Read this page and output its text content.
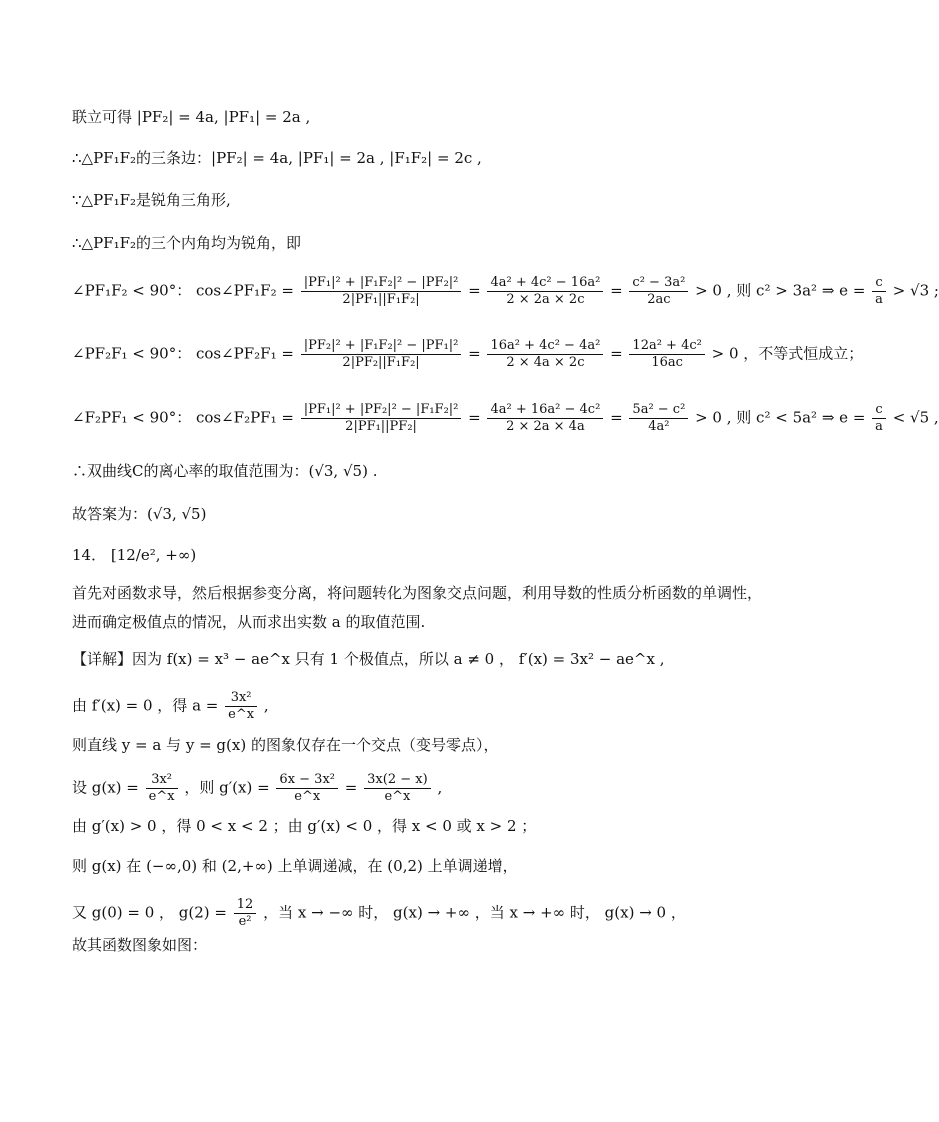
联立可得 |PF₂| = 4a, |PF₁| = 2a ,
∴△PF₁F₂的三条边：|PF₂| = 4a, |PF₁| = 2a , |F₁F₂| = 2c ,
∵△PF₁F₂是锐角三角形,
∴△PF₁F₂的三个内角均为锐角，即
∠PF₁F₂ < 90°： cos∠PF₁F₂ = $\frac{\text{|PF₁|² + |F₁F₂|² − |PF₂|²}}{\text{2|PF₁||F₁F₂|}} = \frac{\text{4a² + 4c² − 16a²}}{2 \times 2a \times 2c} = \frac{\text{c² − 3a²}}{2ac} > 0$ , 则 c² > 3a² ⇒ $e = \frac{c}{a} > √3$ ;
∠PF₂F₁ < 90°： cos∠PF₂F₁ = $\frac{\text{|PF₂|² + |F₁F₂|² − |PF₁|²}}{\text{2|PF₂||F₁F₂|}} = \frac{\text{16a² + 4c² − 4a²}}{2 \times 4a \times 2c} = \frac{\text{12a² + 4c²}}{16ac} > 0$ ，不等式恒成立；
∠F₂PF₁ < 90°： cos∠F₂PF₁ = $\frac{\text{|PF₁|² + |PF₂|² − |F₁F₂|²}}{\text{2|PF₁||PF₂|}} = \frac{\text{4a² + 16a² − 4c²}}{2 \times 2a \times 4a} = \frac{\text{5a² − c²}}{\text{4a²}} > 0$ , 则 c² < 5a² ⇒ $e = \frac{c}{a} < √5$ ,
∴双曲线C的离心率的取值范围为：(√3, √5) .
故答案为：(√3, √5)
14． [12/e², +∞)
首先对函数求导，然后根据参变分离，将问题转化为图象交点问题，利用导数的性质分析函数的单调性，
进而确定极值点的情况，从而求出实数 a 的取值范围.
【详解】因为 f(x) = x³ − ae^x 只有 1 个极值点，所以 a ≠ 0 ， f′(x) = 3x² − ae^x ,
由 f′(x) = 0 ，得 $a = \frac{\text{3x²}}{e\^{}x}$ ,
则直线 y = a 与 y = g(x) 的图象仅存在一个交点（变号零点），
设 $g(x) = \frac{\text{3x²}}{e\^{}x}$ ，则 $g'(x) = \frac{\text{6x − 3x²}}{e\^{}x} = \frac{3x(2 - x)}{e\^{}x}$ ,
由 g′(x) > 0 ，得 0 < x < 2 ；由 g′(x) < 0 ，得 x < 0 或 x > 2 ；
则 g(x) 在 (−∞,0) 和 (2,+∞) 上单调递减，在 (0,2) 上单调递增，
又 g(0) = 0 ， $g(2) = \frac{12}{\text{e²}}$ ，当 x → −∞ 时， g(x) → +∞ ，当 x → +∞ 时， g(x) → 0 ，
故其函数图象如图：
